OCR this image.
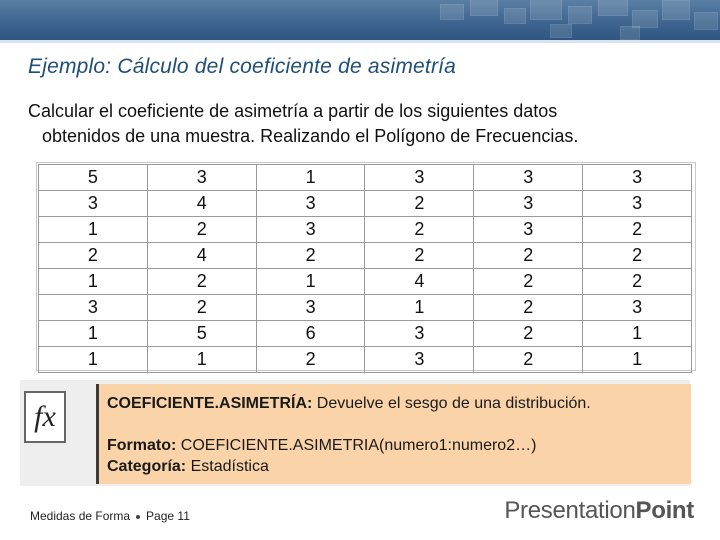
Ejemplo: Cálculo del coeficiente de asimetría

Calcular el coeficiente de asimetría a partir de los siguientes datos
obtenidos de una muestra. Realizando el Polígono de Frecuencias.

5	3	1	3	3	3
3	4	3	2	3	3
1	2	3	2	3	2
2	4	2	2	2	2
1	2	1	4	2	2
3	2	3	1	2	3
1	5	6	3	2	1
1	1	2	3	2	1
fx	COEFICIENTE.ASIMETRÍA: Devuelve el sesgo de una distribución.
Formato: COEFICIENTE.ASIMETRIA(numero1:numero2…)
Categoría: Estadística
Medidas de Forma Page 11	PresentationPoint
